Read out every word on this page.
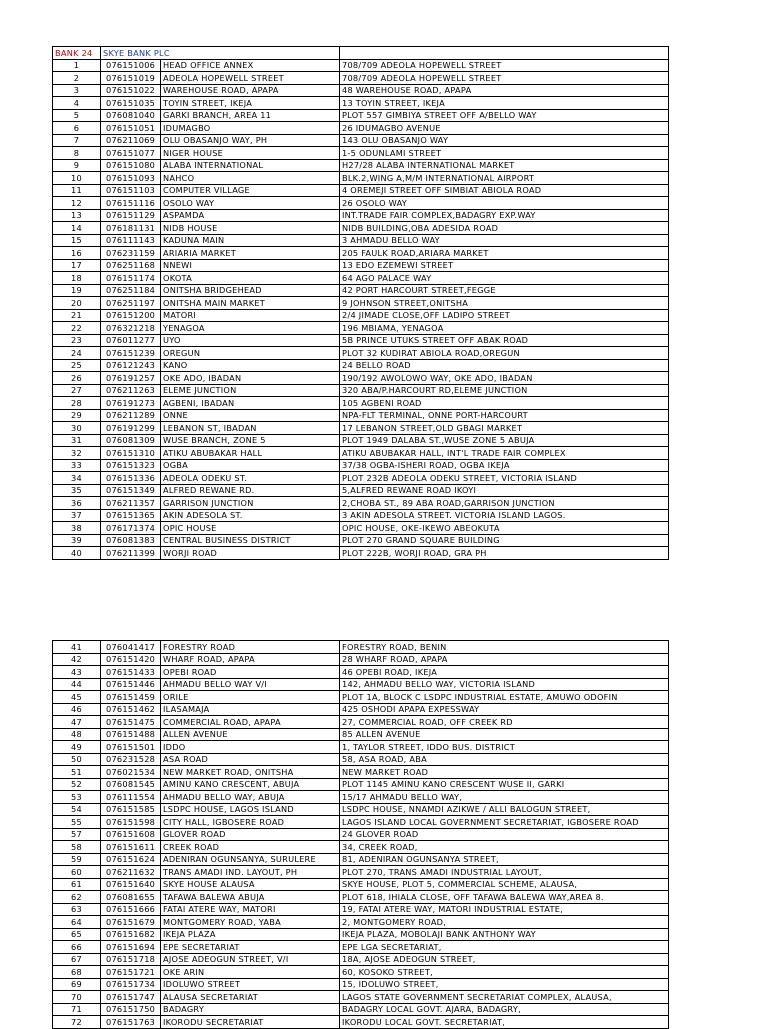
BANK 24	SKYE BANK PLC		
1	076151006	HEAD OFFICE ANNEX	708/709 ADEOLA HOPEWELL STREET
2	076151019	ADEOLA HOPEWELL STREET	708/709 ADEOLA HOPEWELL STREET
3	076151022	WAREHOUSE ROAD, APAPA	48 WAREHOUSE ROAD, APAPA
4	076151035	TOYIN STREET, IKEJA	13 TOYIN STREET, IKEJA
5	076081040	GARKI BRANCH, AREA 11	PLOT 557 GIMBIYA STREET OFF A/BELLO WAY
6	076151051	IDUMAGBO	26 IDUMAGBO AVENUE
7	076211069	OLU OBASANJO WAY, PH	143 OLU OBASANJO WAY
8	076151077	NIGER HOUSE	1-5 ODUNLAMI STREET
9	076151080	ALABA INTERNATIONAL	H27/28 ALABA INTERNATIONAL MARKET
10	076151093	NAHCO	BLK.2,WING A,M/M INTERNATIONAL AIRPORT
11	076151103	COMPUTER VILLAGE	4 OREMEJI STREET OFF SIMBIAT ABIOLA ROAD
12	076151116	OSOLO WAY	26 OSOLO WAY
13	076151129	ASPAMDA	INT.TRADE FAIR COMPLEX,BADAGRY EXP.WAY
14	076181131	NIDB HOUSE	NIDB BUILDING,OBA ADESIDA ROAD
15	076111143	KADUNA MAIN	3 AHMADU BELLO WAY
16	076231159	ARIARIA MARKET	205 FAULK ROAD,ARIARA MARKET
17	076251168	NNEWI	13 EDO EZEMEWI STREET
18	076151174	OKOTA	64 AGO PALACE WAY
19	076251184	ONITSHA BRIDGEHEAD	42 PORT HARCOURT STREET,FEGGE
20	076251197	ONITSHA MAIN MARKET	9 JOHNSON STREET,ONITSHA
21	076151200	MATORI	2/4 JIMADE CLOSE,OFF LADIPO STREET
22	076321218	YENAGOA	196 MBIAMA, YENAGOA
23	076011277	UYO	5B PRINCE UTUKS STREET OFF ABAK ROAD
24	076151239	OREGUN	PLOT 32 KUDIRAT ABIOLA ROAD,OREGUN
25	076121243	KANO	24 BELLO ROAD
26	076191257	OKE ADO, IBADAN	190/192 AWOLOWO WAY, OKE ADO, IBADAN
27	076211263	ELEME JUNCTION	320 ABA/P.HARCOURT RD,ELEME JUNCTION
28	076191273	AGBENI, IBADAN	105 AGBENI ROAD
29	076211289	ONNE	NPA-FLT TERMINAL, ONNE PORT-HARCOURT
30	076191299	LEBANON ST, IBADAN	17 LEBANON STREET,OLD GBAGI MARKET
31	076081309	WUSE BRANCH, ZONE 5	PLOT 1949 DALABA ST.,WUSE ZONE 5 ABUJA
32	076151310	ATIKU ABUBAKAR HALL	ATIKU ABUBAKAR HALL, INT'L TRADE FAIR COMPLEX
33	076151323	OGBA	37/38 OGBA-ISHERI ROAD, OGBA IKEJA
34	076151336	ADEOLA ODEKU ST.	PLOT 232B ADEOLA ODEKU STREET, VICTORIA ISLAND
35	076151349	ALFRED REWANE RD.	5,ALFRED REWANE ROAD IKOYI
36	076211357	GARRISON JUNCTION	2,CHOBA ST., 89 ABA ROAD,GARRISON JUNCTION
37	076151365	AKIN ADESOLA ST.	3 AKIN ADESOLA STREET. VICTORIA ISLAND LAGOS.
38	076171374	OPIC HOUSE	OPIC HOUSE, OKE-IKEWO ABEOKUTA
39	076081383	CENTRAL BUSINESS DISTRICT	PLOT 270 GRAND SQUARE BUILDING
40	076211399	WORJI ROAD	PLOT 222B, WORJI ROAD, GRA PH
41	076041417	FORESTRY ROAD	FORESTRY ROAD, BENIN
42	076151420	WHARF ROAD, APAPA	28 WHARF ROAD, APAPA
43	076151433	OPEBI ROAD	46 OPEBI ROAD, IKEJA
44	076151446	AHMADU BELLO WAY V/I	142, AHMADU BELLO WAY, VICTORIA ISLAND
45	076151459	ORILE	PLOT 1A, BLOCK C LSDPC INDUSTRIAL ESTATE, AMUWO ODOFIN
46	076151462	ILASAMAJA	425 OSHODI APAPA EXPESSWAY
47	076151475	COMMERCIAL ROAD, APAPA	27, COMMERCIAL ROAD, OFF CREEK RD
48	076151488	ALLEN AVENUE	85 ALLEN AVENUE
49	076151501	IDDO	1, TAYLOR STREET, IDDO BUS. DISTRICT
50	076231528	ASA ROAD	58, ASA ROAD, ABA
51	076021534	NEW MARKET ROAD, ONITSHA	NEW MARKET ROAD
52	076081545	AMINU KANO CRESCENT, ABUJA	PLOT 1145 AMINU KANO CRESCENT WUSE II, GARKI
53	076111554	AHMADU BELLO WAY, ABUJA	15/17 AHMADU BELLO WAY,
54	076151585	LSDPC HOUSE, LAGOS ISLAND	LSDPC HOUSE, NNAMDI AZIKWE / ALLI BALOGUN STREET,
55	076151598	CITY HALL, IGBOSERE ROAD	LAGOS ISLAND LOCAL GOVERNMENT SECRETARIAT, IGBOSERE ROAD
57	076151608	GLOVER ROAD	24 GLOVER ROAD
58	076151611	CREEK ROAD	34, CREEK ROAD,
59	076151624	ADENIRAN OGUNSANYA, SURULERE	81, ADENIRAN OGUNSANYA STREET,
60	076211632	TRANS AMADI IND. LAYOUT, PH	PLOT 270, TRANS AMADI INDUSTRIAL LAYOUT,
61	076151640	SKYE HOUSE ALAUSA	SKYE HOUSE, PLOT 5, COMMERCIAL SCHEME, ALAUSA,
62	076081655	TAFAWA BALEWA ABUJA	PLOT 618, IHIALA CLOSE, OFF TAFAWA BALEWA WAY,AREA 8.
63	076151666	FATAI ATERE WAY, MATORI	19, FATAI ATERE WAY, MATORI INDUSTRIAL ESTATE,
64	076151679	MONTGOMERY ROAD, YABA	2, MONTGOMERY ROAD,
65	076151682	IKEJA PLAZA	IKEJA PLAZA, MOBOLAJI BANK ANTHONY WAY
66	076151694	EPE SECRETARIAT	EPE LGA SECRETARIAT,
67	076151718	AJOSE ADEOGUN STREET, V/I	18A, AJOSE ADEOGUN STREET,
68	076151721	OKE ARIN	60, KOSOKO STREET,
69	076151734	IDOLUWO STREET	15, IDOLUWO STREET,
70	076151747	ALAUSA SECRETARIAT	LAGOS STATE GOVERNMENT SECRETARIAT COMPLEX, ALAUSA,
71	076151750	BADAGRY	BADAGRY LOCAL GOVT. AJARA, BADAGRY,
72	076151763	IKORODU SECRETARIAT	IKORODU LOCAL GOVT. SECRETARIAT,
